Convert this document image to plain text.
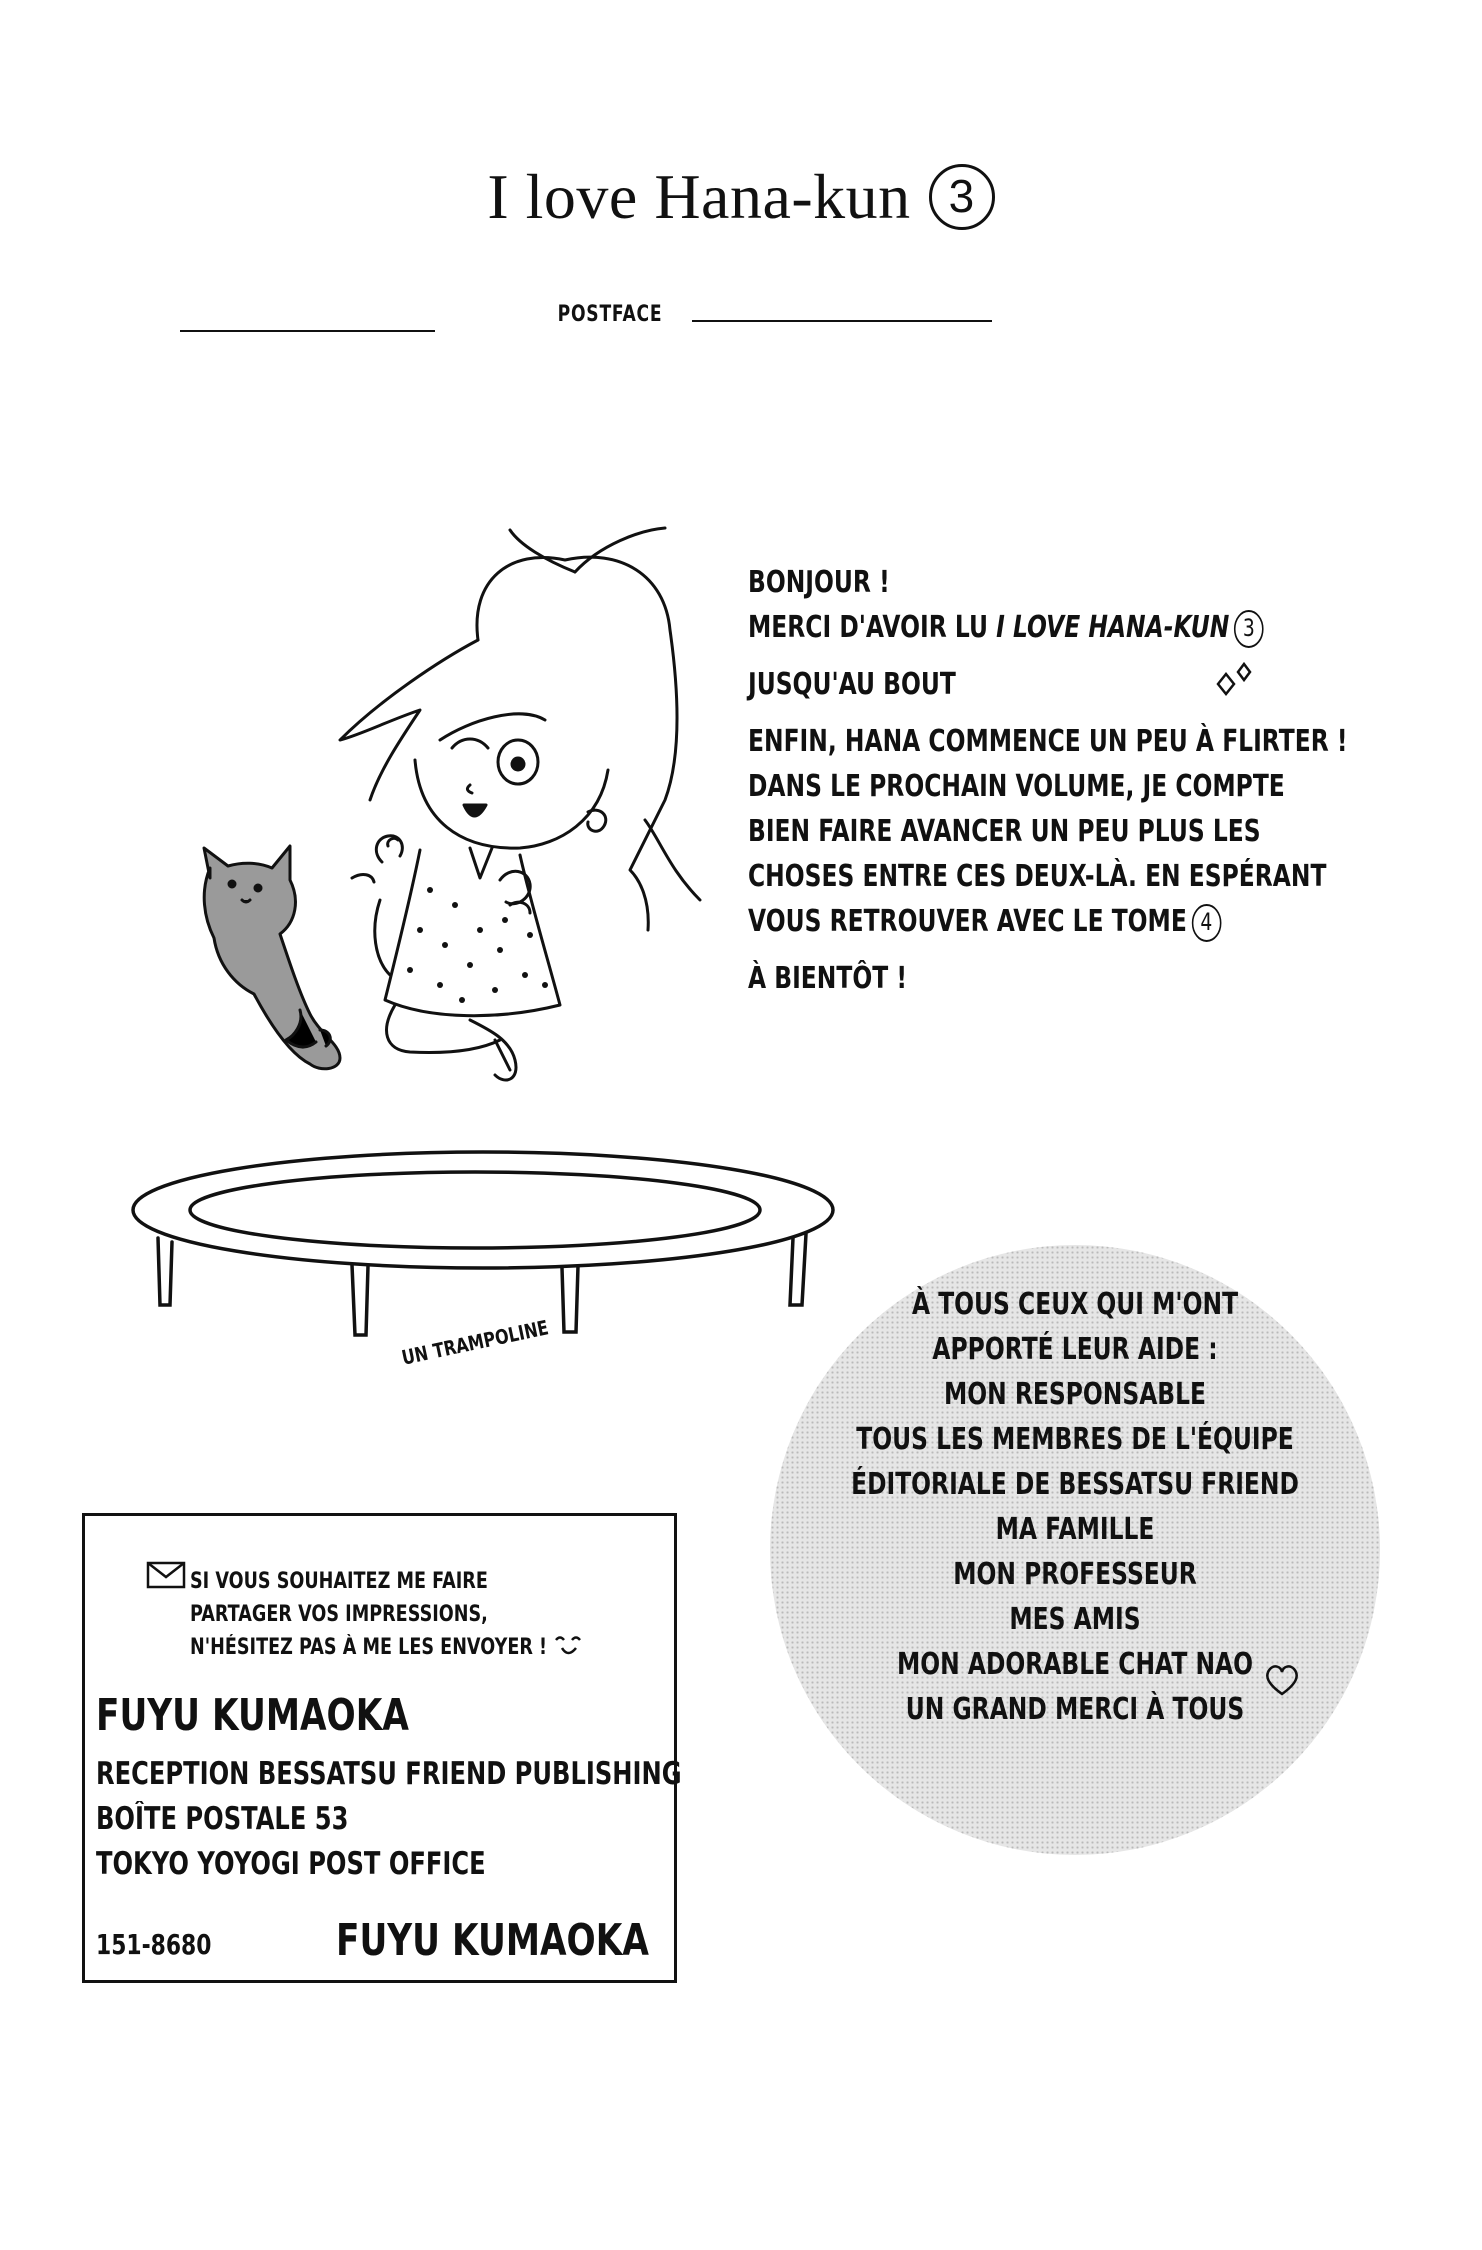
I love Hana-kun 3
POSTFACE
BONJOUR !
MERCI D'AVOIR LU I LOVE HANA-KUN 3
JUSQU'AU BOUT
ENFIN, HANA COMMENCE UN PEU À FLIRTER !
DANS LE PROCHAIN VOLUME, JE COMPTE
BIEN FAIRE AVANCER UN PEU PLUS LES
CHOSES ENTRE CES DEUX-LÀ. EN ESPÉRANT
VOUS RETROUVER AVEC LE TOME 4
À BIENTÔT !
UN TRAMPOLINE
À TOUS CEUX QUI M'ONT
APPORTÉ LEUR AIDE :
MON RESPONSABLE
TOUS LES MEMBRES DE L'ÉQUIPE
ÉDITORIALE DE BESSATSU FRIEND
MA FAMILLE
MON PROFESSEUR
MES AMIS
MON ADORABLE CHAT NAO
UN GRAND MERCI À TOUS
SI VOUS SOUHAITEZ ME FAIRE
PARTAGER VOS IMPRESSIONS,
N'HÉSITEZ PAS À ME LES ENVOYER !
FUYU KUMAOKA
RECEPTION BESSATSU FRIEND PUBLISHING
BOÎTE POSTALE 53
TOKYO YOYOGI POST OFFICE
151-8680	FUYU KUMAOKA
